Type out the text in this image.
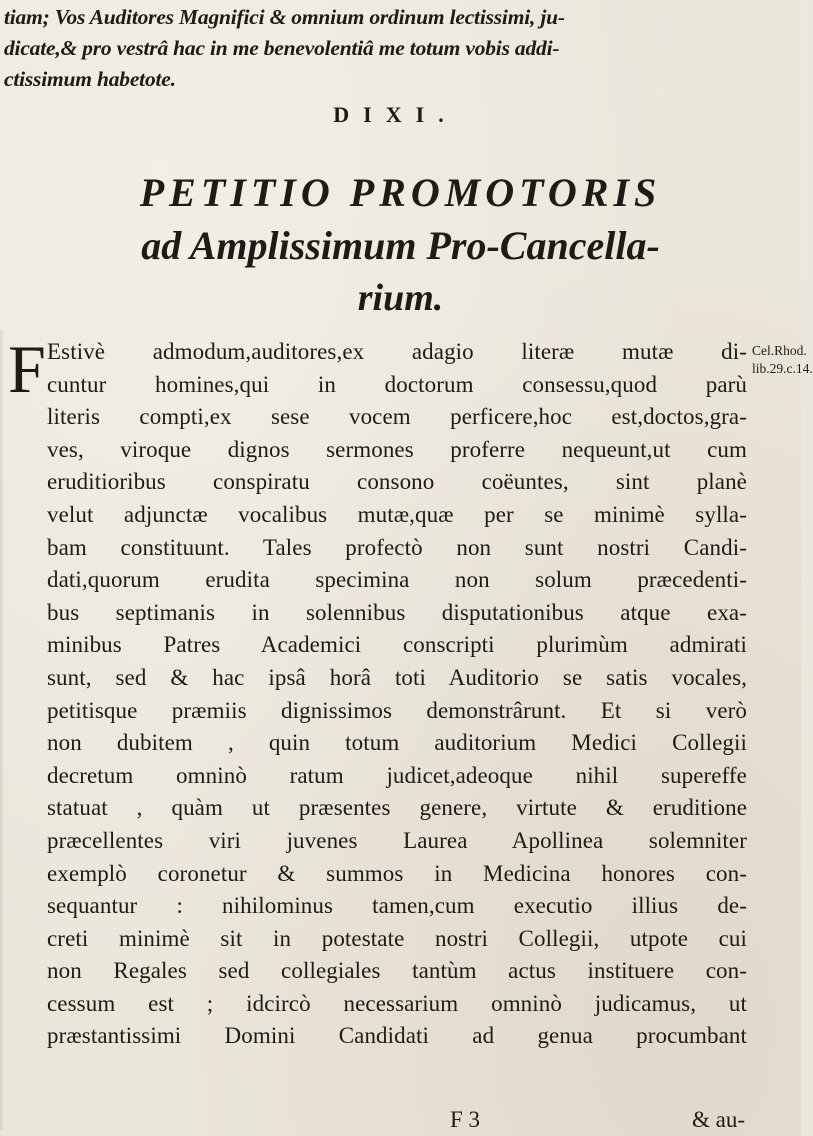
tiam; Vos Auditores Magnifici & omnium ordinum lectissimi, ju-
dicate,& pro vestrâ hac in me benevolentiâ me totum vobis addi-
ctissimum habetote.
DIXI.
PETITIO PROMOTORIS
ad Amplissimum Pro-Cancella-
rium.
F Estivè admodum,auditores,ex adagio literæ mutæ di-
cuntur homines,qui in doctorum consessu,quod parù
literis compti,ex sese vocem perficere,hoc est,doctos,gra-
ves, viroque dignos sermones proferre nequeunt,ut cum
eruditioribus conspiratu consono coëuntes, sint planè
velut adjunctæ vocalibus mutæ,quæ per se minimè sylla-
bam constituunt. Tales profectò non sunt nostri Candi-
dati,quorum erudita specimina non solum præcedenti-
bus septimanis in solennibus disputationibus atque exa-
minibus Patres Academici conscripti plurimùm admirati
sunt, sed & hac ipsâ horâ toti Auditorio se satis vocales,
petitisque præmiis dignissimos demonstrârunt. Et si verò
non dubitem , quin totum auditorium Medici Collegii
decretum omninò ratum judicet,adeoque nihil supereffe
statuat , quàm ut præsentes genere, virtute & eruditione
præcellentes viri juvenes Laurea Apollinea solemniter
exemplò coronetur & summos in Medicina honores con-
sequantur : nihilominus tamen,cum executio illius de-
creti minimè sit in potestate nostri Collegii, utpote cui
non Regales sed collegiales tantùm actus instituere con-
cessum est ; idcircò necessarium omninò judicamus, ut
præstantissimi Domini Candidati ad genua procumbant
Cel.Rhod.
lib.29.c.14.
F 3	& au-
